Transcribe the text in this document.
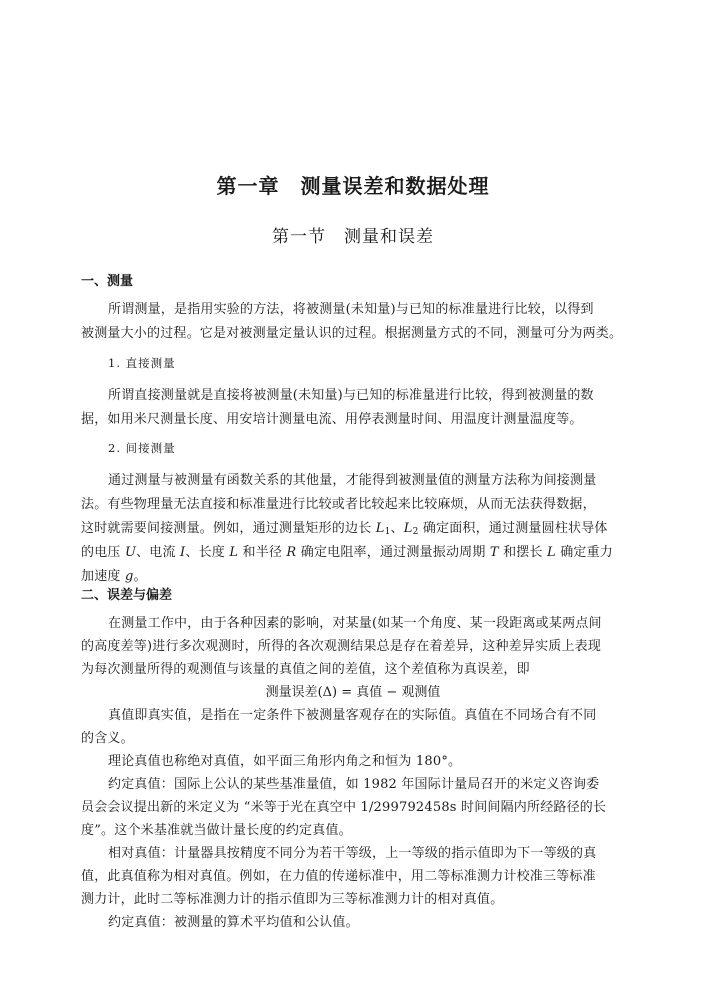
第一章　测量误差和数据处理
第一节　测量和误差
一、测量
所谓测量，是指用实验的方法，将被测量(未知量)与已知的标准量进行比较，以得到
被测量大小的过程。它是对被测量定量认识的过程。根据测量方式的不同，测量可分为两类。
1. 直接测量
所谓直接测量就是直接将被测量(未知量)与已知的标准量进行比较，得到被测量的数
据，如用米尺测量长度、用安培计测量电流、用停表测量时间、用温度计测量温度等。
2. 间接测量
通过测量与被测量有函数关系的其他量，才能得到被测量值的测量方法称为间接测量
法。有些物理量无法直接和标准量进行比较或者比较起来比较麻烦，从而无法获得数据，
这时就需要间接测量。例如，通过测量矩形的边长 $L_1$、$L_2$ 确定面积，通过测量圆柱状导体
的电压 U、电流 I、长度 L 和半径 R 确定电阻率，通过测量振动周期 T 和摆长 L 确定重力
加速度 g。
二、误差与偏差
在测量工作中，由于各种因素的影响，对某量(如某一个角度、某一段距离或某两点间
的高度差等)进行多次观测时，所得的各次观测结果总是存在着差异，这种差异实质上表现
为每次测量所得的观测值与该量的真值之间的差值，这个差值称为真误差，即
测量误差(Δ) = 真值 − 观测值
真值即真实值，是指在一定条件下被测量客观存在的实际值。真值在不同场合有不同
的含义。
理论真值也称绝对真值，如平面三角形内角之和恒为 180°。
约定真值：国际上公认的某些基准量值，如 1982 年国际计量局召开的米定义咨询委
员会会议提出新的米定义为 “米等于光在真空中 1/299792458s 时间间隔内所经路径的长
度”。这个米基准就当做计量长度的约定真值。
相对真值：计量器具按精度不同分为若干等级，上一等级的指示值即为下一等级的真
值，此真值称为相对真值。例如，在力值的传递标准中，用二等标准测力计校准三等标准
测力计，此时二等标准测力计的指示值即为三等标准测力计的相对真值。
约定真值：被测量的算术平均值和公认值。
